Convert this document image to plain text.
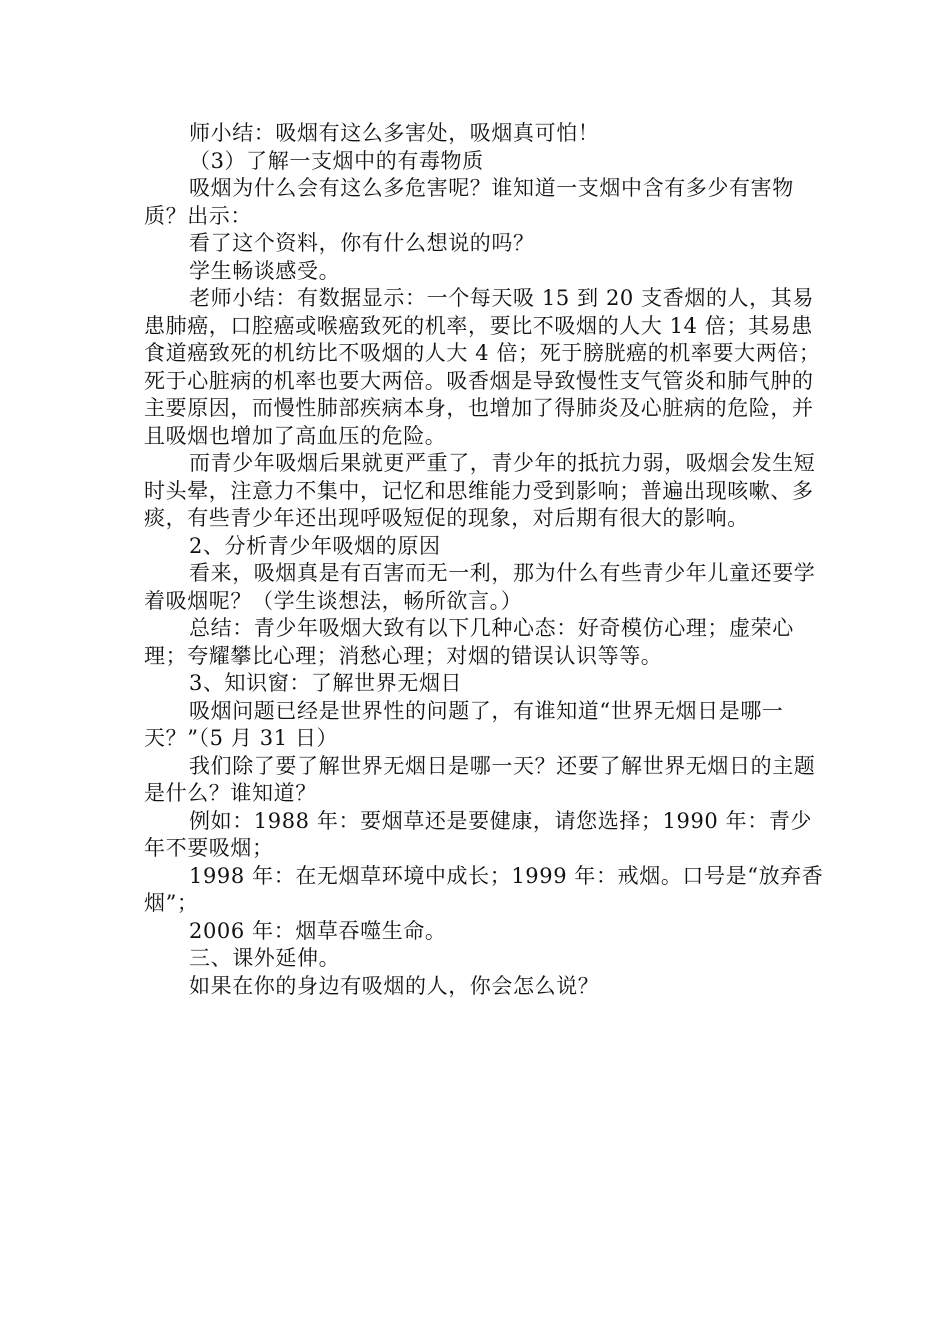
师小结：吸烟有这么多害处，吸烟真可怕！

（3）了解一支烟中的有毒物质

吸烟为什么会有这么多危害呢？谁知道一支烟中含有多少有害物质？出示：

看了这个资料，你有什么想说的吗？

学生畅谈感受。

老师小结：有数据显示：一个每天吸 15 到 20 支香烟的人，其易患肺癌，口腔癌或喉癌致死的机率，要比不吸烟的人大 14 倍；其易患食道癌致死的机纺比不吸烟的人大 4 倍；死于膀胱癌的机率要大两倍；死于心脏病的机率也要大两倍。吸香烟是导致慢性支气管炎和肺气肿的主要原因，而慢性肺部疾病本身，也增加了得肺炎及心脏病的危险，并且吸烟也增加了高血压的危险。

而青少年吸烟后果就更严重了，青少年的抵抗力弱，吸烟会发生短时头晕，注意力不集中，记忆和思维能力受到影响；普遍出现咳嗽、多痰，有些青少年还出现呼吸短促的现象，对后期有很大的影响。

2、分析青少年吸烟的原因

看来，吸烟真是有百害而无一利，那为什么有些青少年儿童还要学着吸烟呢？（学生谈想法，畅所欲言。）

总结：青少年吸烟大致有以下几种心态：好奇模仿心理；虚荣心理；夸耀攀比心理；消愁心理；对烟的错误认识等等。

3、知识窗：了解世界无烟日

吸烟问题已经是世界性的问题了，有谁知道“世界无烟日是哪一天？”（5 月 31 日）

我们除了要了解世界无烟日是哪一天？还要了解世界无烟日的主题是什么？谁知道？

例如：1988 年：要烟草还是要健康，请您选择；1990 年：青少年不要吸烟；

1998 年：在无烟草环境中成长；1999 年：戒烟。口号是“放弃香烟”；

2006 年：烟草吞噬生命。

三、课外延伸。

如果在你的身边有吸烟的人，你会怎么说？
